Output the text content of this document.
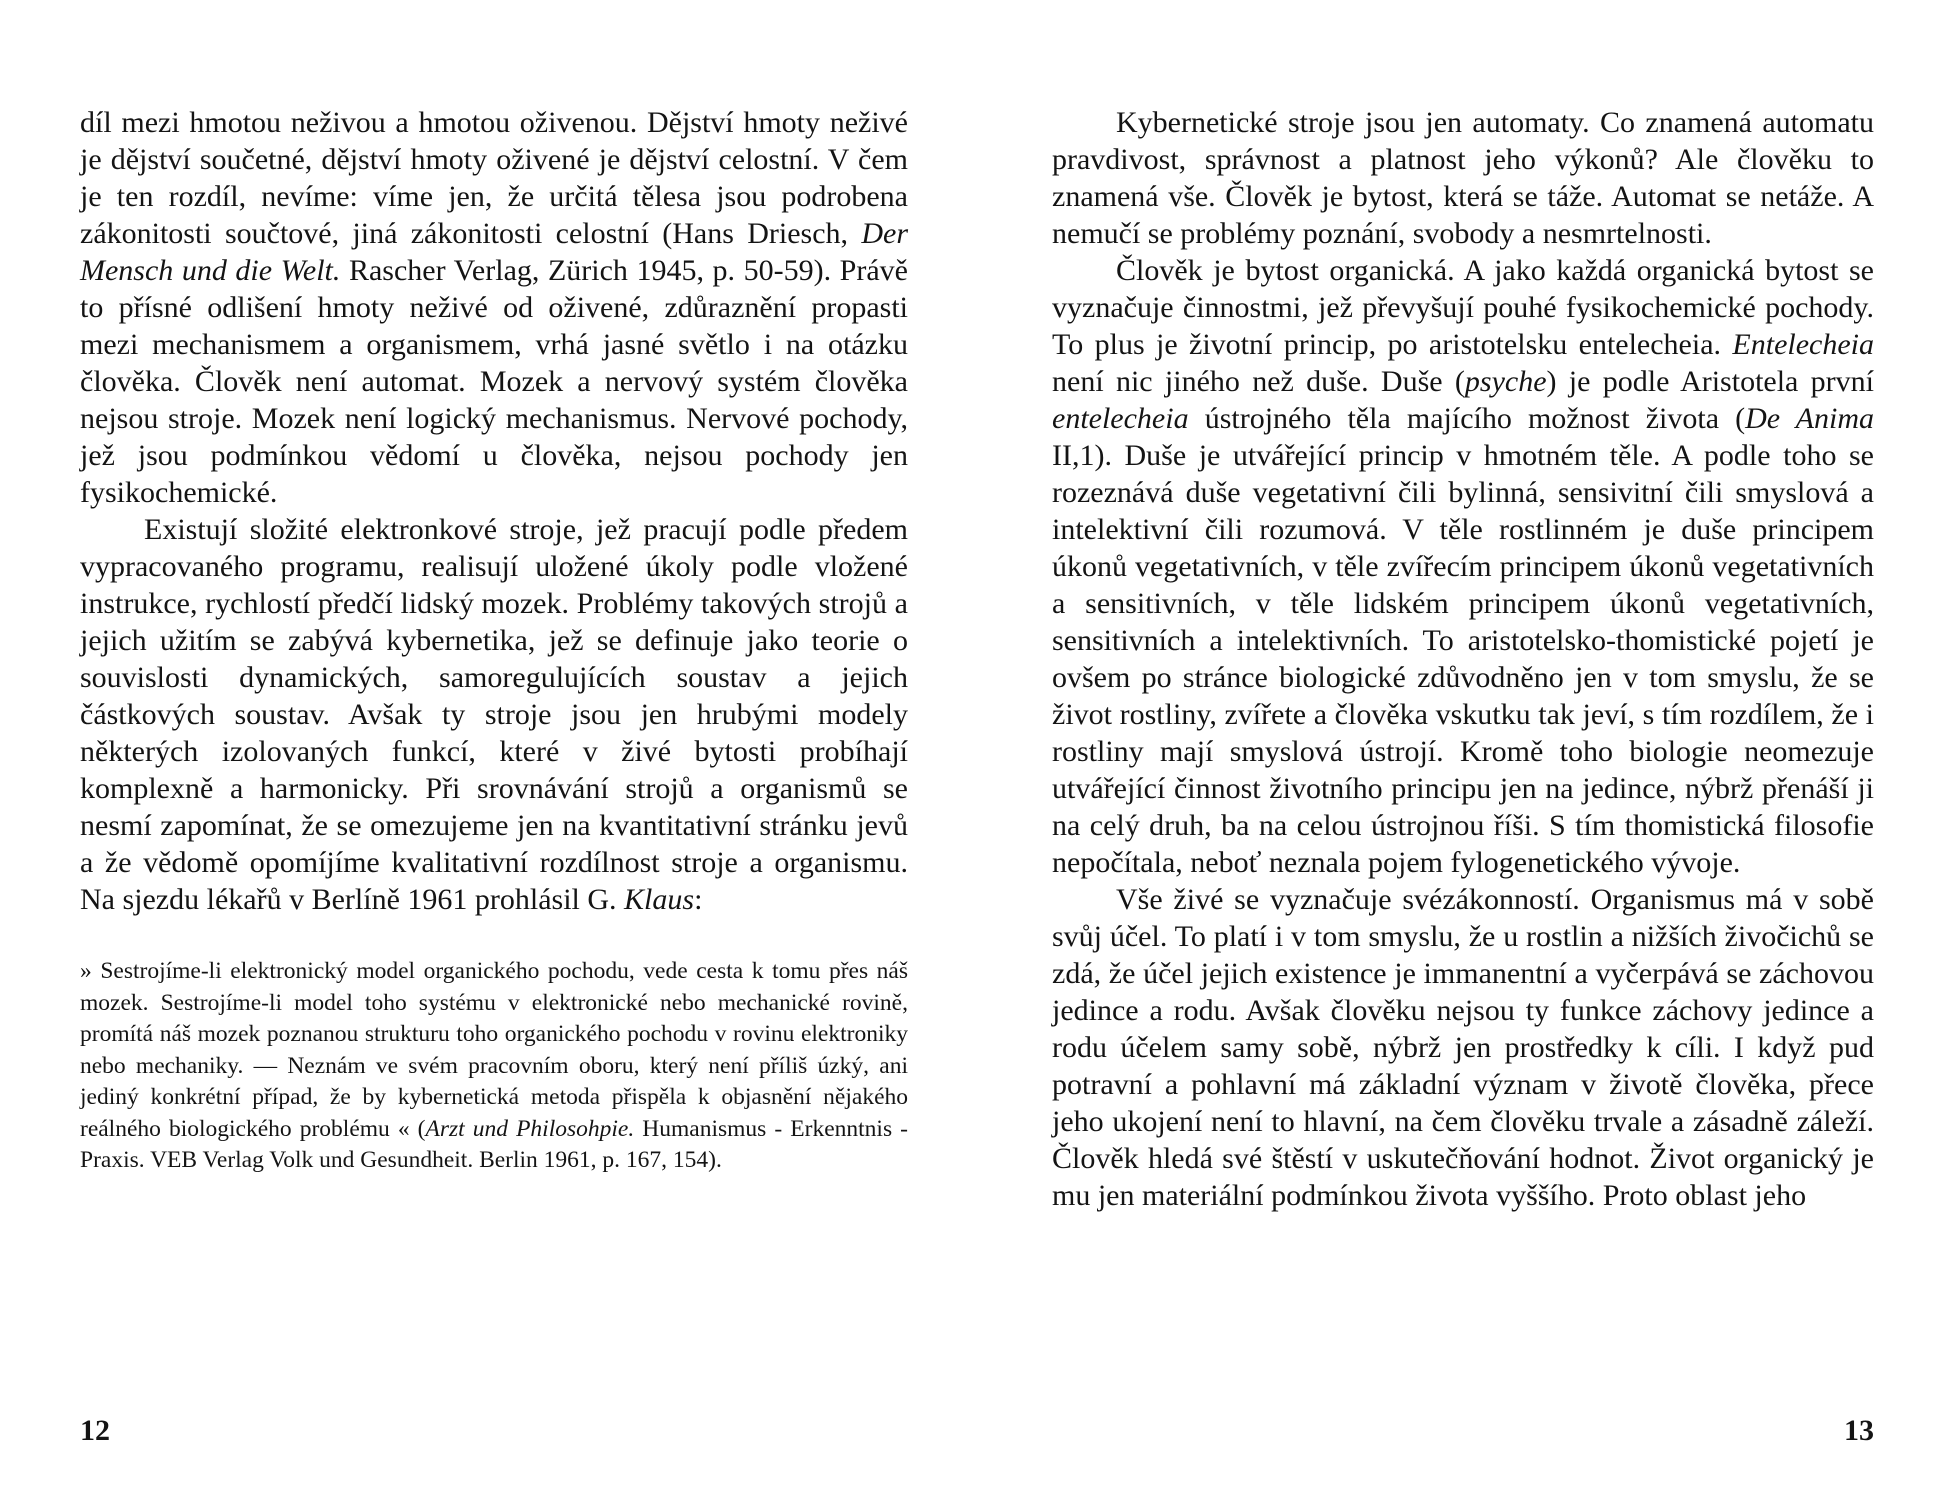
díl mezi hmotou neživou a hmotou oživenou. Dějství hmoty neživé je dějství součetné, dějství hmoty oživené je dějství celostní. V čem je ten rozdíl, nevíme: víme jen, že určitá tělesa jsou podrobena zákonitosti součtové, jiná zákonitosti celostní (Hans Driesch, Der Mensch und die Welt. Rascher Verlag, Zürich 1945, p. 50-59). Právě to přísné odlišení hmoty neživé od oživené, zdůraznění propasti mezi mechanismem a organismem, vrhá jasné světlo i na otázku člověka. Člověk není automat. Mozek a nervový systém člověka nejsou stroje. Mozek není logický mechanismus. Nervové pochody, jež jsou podmínkou vědomí u člověka, nejsou pochody jen fysikochemické.

Existují složité elektronkové stroje, jež pracují podle předem vypracovaného programu, realisují uložené úkoly podle vložené instrukce, rychlostí předčí lidský mozek. Problémy takových strojů a jejich užitím se zabývá kybernetika, jež se definuje jako teorie o souvislosti dynamických, samoregulujících soustav a jejich částkových soustav. Avšak ty stroje jsou jen hrubými modely některých izolovaných funkcí, které v živé bytosti probíhají komplexně a harmonicky. Při srovnávání strojů a organismů se nesmí zapomínat, že se omezujeme jen na kvantitativní stránku jevů a že vědomě opomíjíme kvalitativní rozdílnost stroje a organismu. Na sjezdu lékařů v Berlíně 1961 prohlásil G. Klaus:

» Sestrojíme-li elektronický model organického pochodu, vede cesta k tomu přes náš mozek. Sestrojíme-li model toho systému v elektronické nebo mechanické rovině, promítá náš mozek poznanou strukturu toho organického pochodu v rovinu elektroniky nebo mechaniky. — Neznám ve svém pracovním oboru, který není příliš úzký, ani jediný konkrétní případ, že by kybernetická metoda přispěla k objasnění nějakého reálného biologického problému « (Arzt und Philosohpie. Humanismus - Erkenntnis - Praxis. VEB Verlag Volk und Gesundheit. Berlin 1961, p. 167, 154).

12

Kybernetické stroje jsou jen automaty. Co znamená automatu pravdivost, správnost a platnost jeho výkonů? Ale člověku to znamená vše. Člověk je bytost, která se táže. Automat se netáže. A nemučí se problémy poznání, svobody a nesmrtelnosti.

Člověk je bytost organická. A jako každá organická bytost se vyznačuje činnostmi, jež převyšují pouhé fysikochemické pochody. To plus je životní princip, po aristotelsku entelecheia. Entelecheia není nic jiného než duše. Duše (psyche) je podle Aristotela první entelecheia ústrojného těla majícího možnost života (De Anima II,1). Duše je utvářející princip v hmotném těle. A podle toho se rozeznává duše vegetativní čili bylinná, sensivitní čili smyslová a intelektivní čili rozumová. V těle rostlinném je duše principem úkonů vegetativních, v těle zvířecím principem úkonů vegetativních a sensitivních, v těle lidském principem úkonů vegetativních, sensitivních a intelektivních. To aristotelsko-thomistické pojetí je ovšem po stránce biologické zdůvodněno jen v tom smyslu, že se život rostliny, zvířete a člověka vskutku tak jeví, s tím rozdílem, že i rostliny mají smyslová ústrojí. Kromě toho biologie neomezuje utvářející činnost životního principu jen na jedince, nýbrž přenáší ji na celý druh, ba na celou ústrojnou říši. S tím thomistická filosofie nepočítala, neboť neznala pojem fylogenetického vývoje.

Vše živé se vyznačuje svézákonností. Organismus má v sobě svůj účel. To platí i v tom smyslu, že u rostlin a nižších živočichů se zdá, že účel jejich existence je immanentní a vyčerpává se záchovou jedince a rodu. Avšak člověku nejsou ty funkce záchovy jedince a rodu účelem samy sobě, nýbrž jen prostředky k cíli. I když pud potravní a pohlavní má základní význam v životě člověka, přece jeho ukojení není to hlavní, na čem člověku trvale a zásadně záleží. Člověk hledá své štěstí v uskutečňování hodnot. Život organický je mu jen materiální podmínkou života vyššího. Proto oblast jeho

13
